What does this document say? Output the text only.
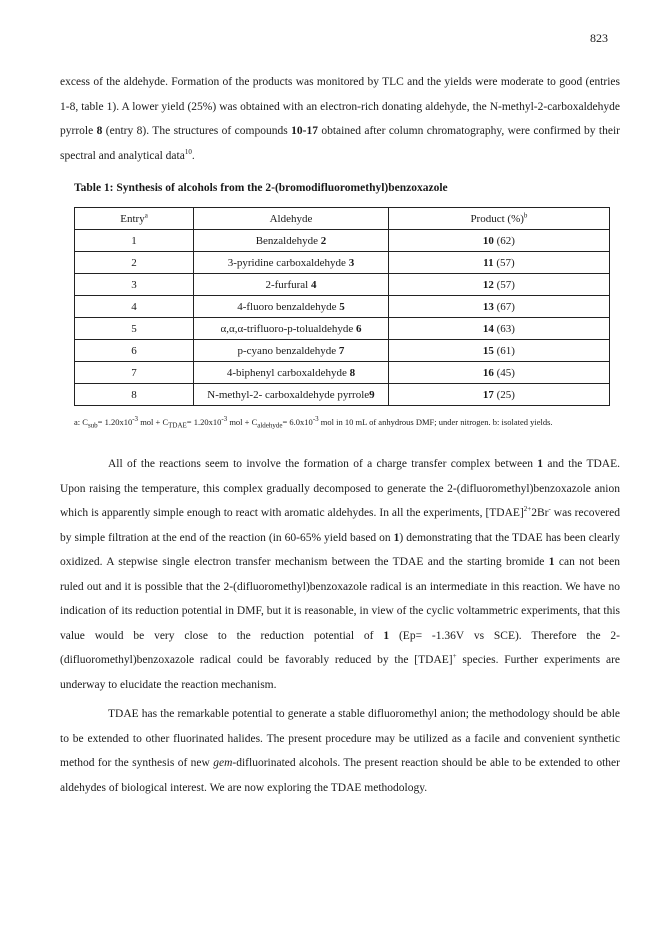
823

excess of the aldehyde. Formation of the products was monitored by TLC and the yields were moderate to good (entries 1-8, table 1). A lower yield (25%) was obtained with an electron-rich donating aldehyde, the N-methyl-2-carboxaldehyde pyrrole 8 (entry 8). The structures of compounds 10-17 obtained after column chromatography, were confirmed by their spectral and analytical data$^{10}$.

Table 1: Synthesis of alcohols from the 2-(bromodifluoromethyl)benzoxazole
Entry$^a$	Aldehyde	Product (%)$^b$
1	Benzaldehyde 2	10 (62)
2	3-pyridine carboxaldehyde 3	11 (57)
3	2-furfural 4	12 (57)
4	4-fluoro benzaldehyde 5	13 (67)
5	α,α,α-trifluoro-p-tolualdehyde 6	14 (63)
6	p-cyano benzaldehyde 7	15 (61)
7	4-biphenyl carboxaldehyde 8	16 (45)
8	N-methyl-2- carboxaldehyde pyrrole9	17 (25)
a: $C_{sub}= 1.20x10^{-3}$ mol + $C_{TDAE}= 1.20x10^{-3}$ mol + $C_{aldehyde}= 6.0x10^{-3}$ mol in 10 mL of anhydrous DMF; under nitrogen. b: isolated yields.

All of the reactions seem to involve the formation of a charge transfer complex between 1 and the TDAE. Upon raising the temperature, this complex gradually decomposed to generate the 2-(difluoromethyl)benzoxazole anion which is apparently simple enough to react with aromatic aldehydes. In all the experiments, [TDAE]$^{2+}$2Br- was recovered by simple filtration at the end of the reaction (in 60-65% yield based on 1) demonstrating that the TDAE has been clearly oxidized. A stepwise single electron transfer mechanism between the TDAE and the starting bromide 1 can not been ruled out and it is possible that the 2-(difluoromethyl)benzoxazole radical is an intermediate in this reaction. We have no indication of its reduction potential in DMF, but it is reasonable, in view of the cyclic voltammetric experiments, that this value would be very close to the reduction potential of 1 (Ep= -1.36V vs SCE). Therefore the 2-(difluoromethyl)benzoxazole radical could be favorably reduced by the [TDAE]+ species. Further experiments are underway to elucidate the reaction mechanism.

TDAE has the remarkable potential to generate a stable difluoromethyl anion; the methodology should be able to be extended to other fluorinated halides. The present procedure may be utilized as a facile and convenient synthetic method for the synthesis of new gem-difluorinated alcohols. The present reaction should be able to be extended to other aldehydes of biological interest. We are now exploring the TDAE methodology.
